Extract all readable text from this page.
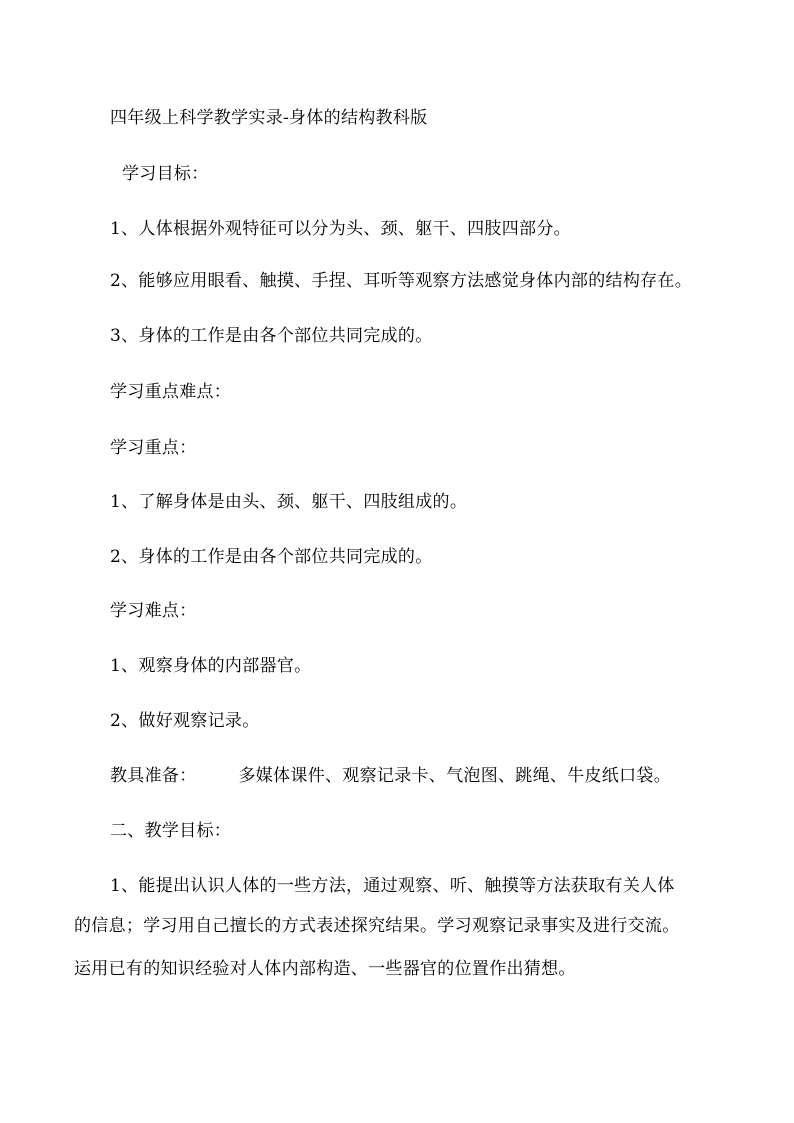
四年级上科学教学实录-身体的结构教科版
学习目标：
1、人体根据外观特征可以分为头、颈、躯干、四肢四部分。
2、能够应用眼看、触摸、手捏、耳听等观察方法感觉身体内部的结构存在。
3、身体的工作是由各个部位共同完成的。
学习重点难点：
学习重点：
1、了解身体是由头、颈、躯干、四肢组成的。
2、身体的工作是由各个部位共同完成的。
学习难点：
1、观察身体的内部器官。
2、做好观察记录。
教具准备： 多媒体课件、观察记录卡、气泡图、跳绳、牛皮纸口袋。
二、教学目标：
1、能提出认识人体的一些方法，通过观察、听、触摸等方法获取有关人体
的信息；学习用自己擅长的方式表述探究结果。学习观察记录事实及进行交流。
运用已有的知识经验对人体内部构造、一些器官的位置作出猜想。
